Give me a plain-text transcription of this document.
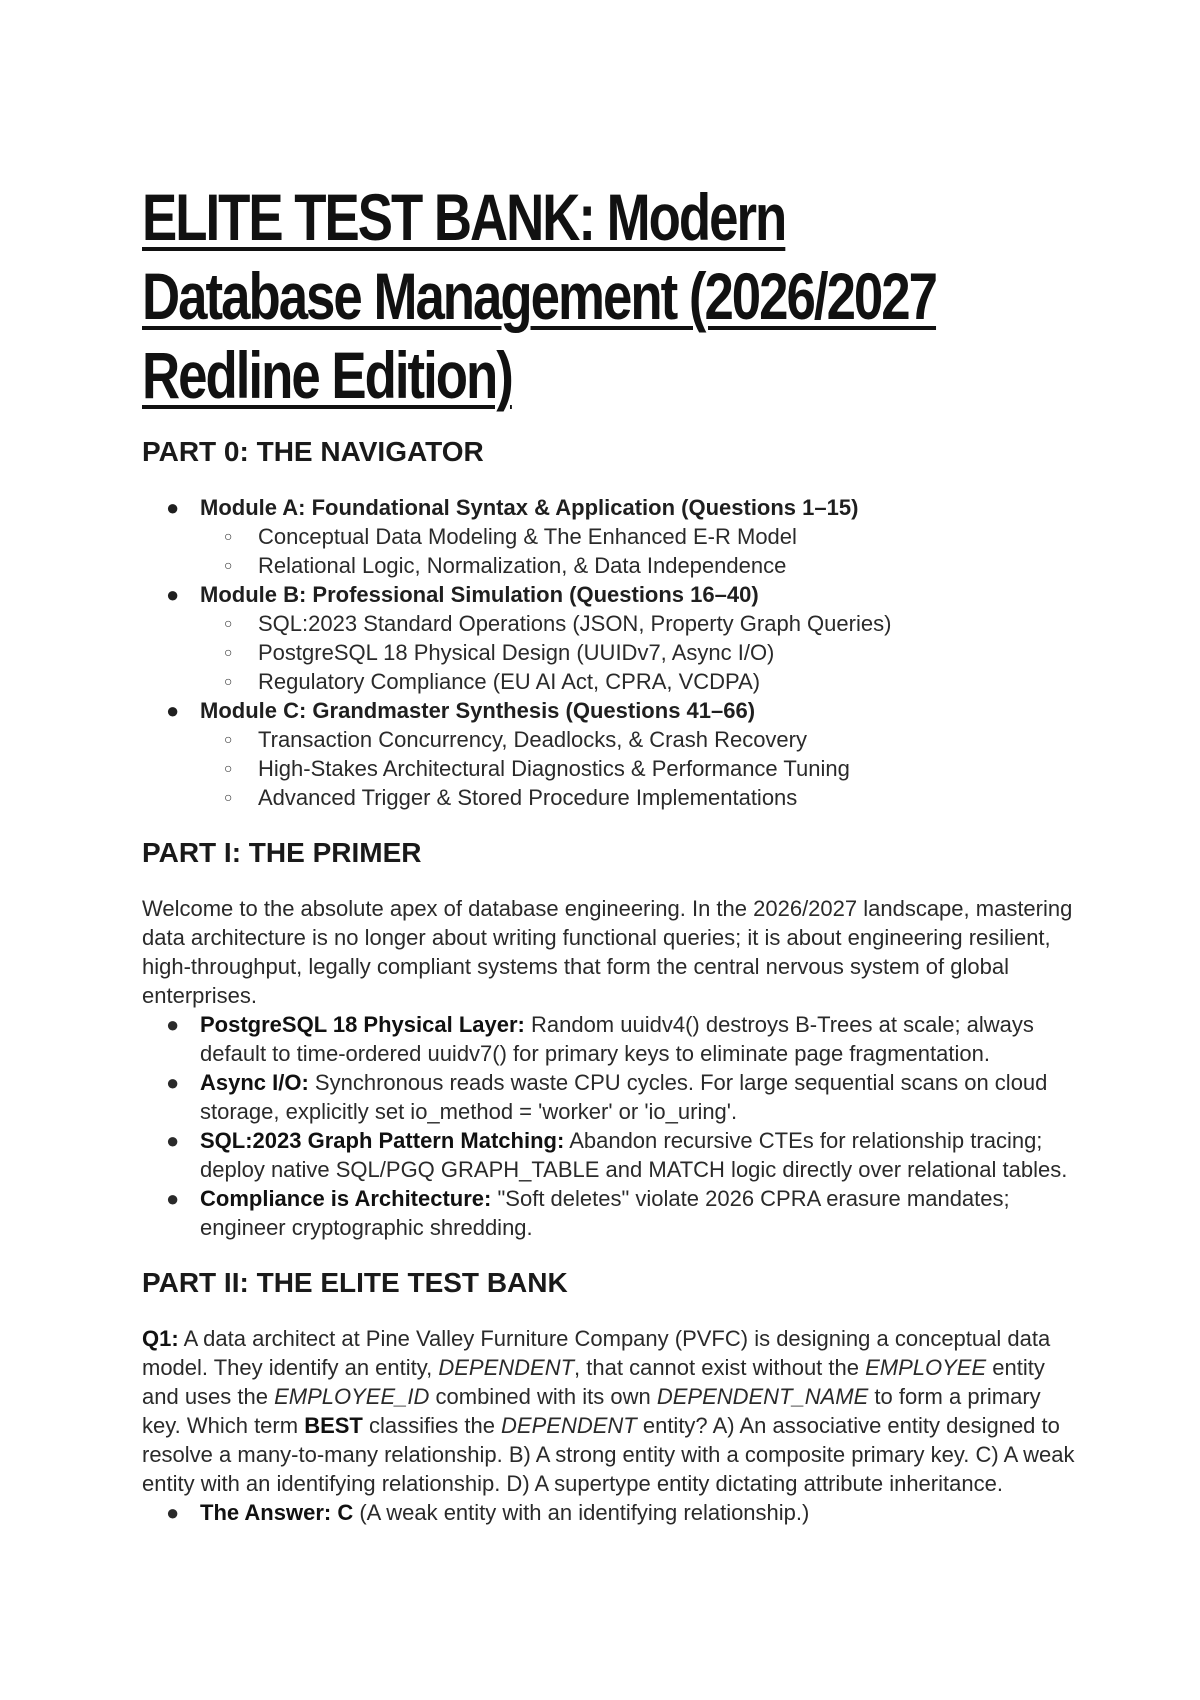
ELITE TEST BANK: Modern Database Management (2026/2027 Redline Edition)
PART 0: THE NAVIGATOR
● Module A: Foundational Syntax & Application (Questions 1–15)
○ Conceptual Data Modeling & The Enhanced E-R Model
○ Relational Logic, Normalization, & Data Independence
● Module B: Professional Simulation (Questions 16–40)
○ SQL:2023 Standard Operations (JSON, Property Graph Queries)
○ PostgreSQL 18 Physical Design (UUIDv7, Async I/O)
○ Regulatory Compliance (EU AI Act, CPRA, VCDPA)
● Module C: Grandmaster Synthesis (Questions 41–66)
○ Transaction Concurrency, Deadlocks, & Crash Recovery
○ High-Stakes Architectural Diagnostics & Performance Tuning
○ Advanced Trigger & Stored Procedure Implementations
PART I: THE PRIMER

Welcome to the absolute apex of database engineering. In the 2026/2027 landscape, mastering data architecture is no longer about writing functional queries; it is about engineering resilient, high-throughput, legally compliant systems that form the central nervous system of global enterprises.

● PostgreSQL 18 Physical Layer: Random uuidv4() destroys B-Trees at scale; always default to time-ordered uuidv7() for primary keys to eliminate page fragmentation.
● Async I/O: Synchronous reads waste CPU cycles. For large sequential scans on cloud storage, explicitly set io_method = 'worker' or 'io_uring'.
● SQL:2023 Graph Pattern Matching: Abandon recursive CTEs for relationship tracing; deploy native SQL/PGQ GRAPH_TABLE and MATCH logic directly over relational tables.
● Compliance is Architecture: "Soft deletes" violate 2026 CPRA erasure mandates; engineer cryptographic shredding.
PART II: THE ELITE TEST BANK

Q1: A data architect at Pine Valley Furniture Company (PVFC) is designing a conceptual data model. They identify an entity, DEPENDENT, that cannot exist without the EMPLOYEE entity and uses the EMPLOYEE_ID combined with its own DEPENDENT_NAME to form a primary key. Which term BEST classifies the DEPENDENT entity? A) An associative entity designed to resolve a many-to-many relationship. B) A strong entity with a composite primary key. C) A weak entity with an identifying relationship. D) A supertype entity dictating attribute inheritance.

● The Answer: C (A weak entity with an identifying relationship.)
